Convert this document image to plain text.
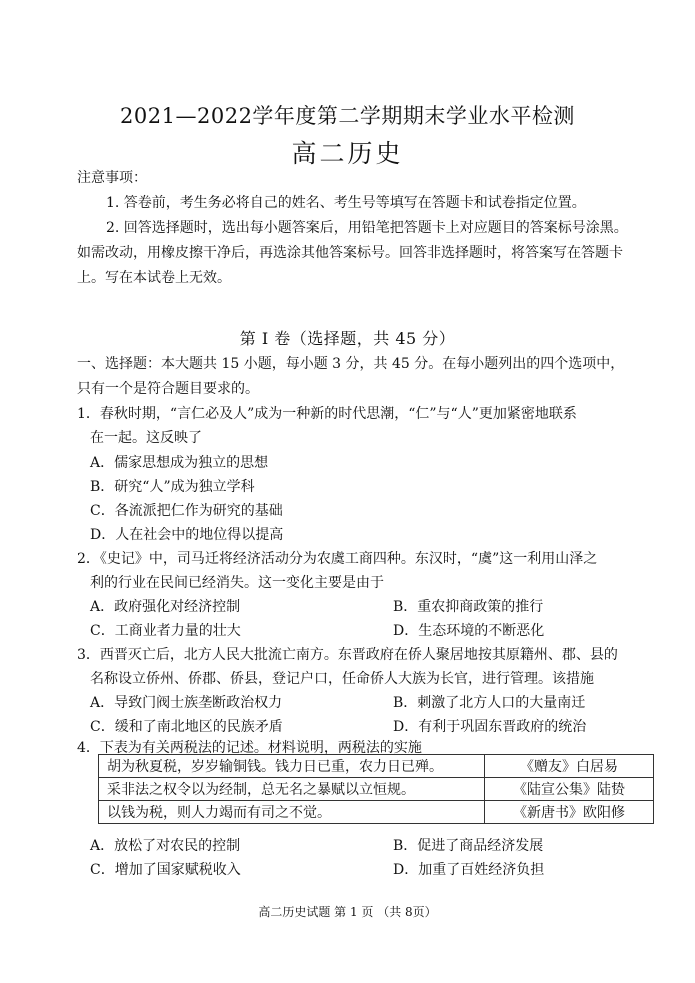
2021—2022学年度第二学期期末学业水平检测
高二历史
注意事项：
1. 答卷前，考生务必将自己的姓名、考生号等填写在答题卡和试卷指定位置。
2. 回答选择题时，选出每小题答案后，用铅笔把答题卡上对应题目的答案标号涂黑。
如需改动，用橡皮擦干净后，再选涂其他答案标号。回答非选择题时，将答案写在答题卡
上。写在本试卷上无效。
第 Ⅰ 卷（选择题，共 45 分）
一、选择题：本大题共 15 小题，每小题 3 分，共 45 分。在每小题列出的四个选项中，
只有一个是符合题目要求的。
1．春秋时期，“言仁必及人”成为一种新的时代思潮，“仁”与“人”更加紧密地联系
在一起。这反映了
A．儒家思想成为独立的思想
B．研究“人”成为独立学科
C．各流派把仁作为研究的基础
D．人在社会中的地位得以提高
2．《史记》中，司马迁将经济活动分为农虞工商四种。东汉时，“虞”这一利用山泽之
利的行业在民间已经消失。这一变化主要是由于
A．政府强化对经济控制	B．重农抑商政策的推行
C．工商业者力量的壮大	D．生态环境的不断恶化
3．西晋灭亡后，北方人民大批流亡南方。东晋政府在侨人聚居地按其原籍州、郡、县的
名称设立侨州、侨郡、侨县，登记户口，任命侨人大族为长官，进行管理。该措施
A．导致门阀士族垄断政治权力	B．刺激了北方人口的大量南迁
C．缓和了南北地区的民族矛盾	D．有利于巩固东晋政府的统治
4．下表为有关两税法的记述。材料说明，两税法的实施
胡为秋夏税，岁岁输铜钱。钱力日已重，农力日已殚。	《赠友》白居易
采非法之权令以为经制，总无名之暴赋以立恒规。	《陆宣公集》陆贽
以钱为税，则人力竭而有司之不觉。	《新唐书》欧阳修
A．放松了对农民的控制	B．促进了商品经济发展
C．增加了国家赋税收入	D．加重了百姓经济负担
高二历史试题 第 1 页 （共 8页）
